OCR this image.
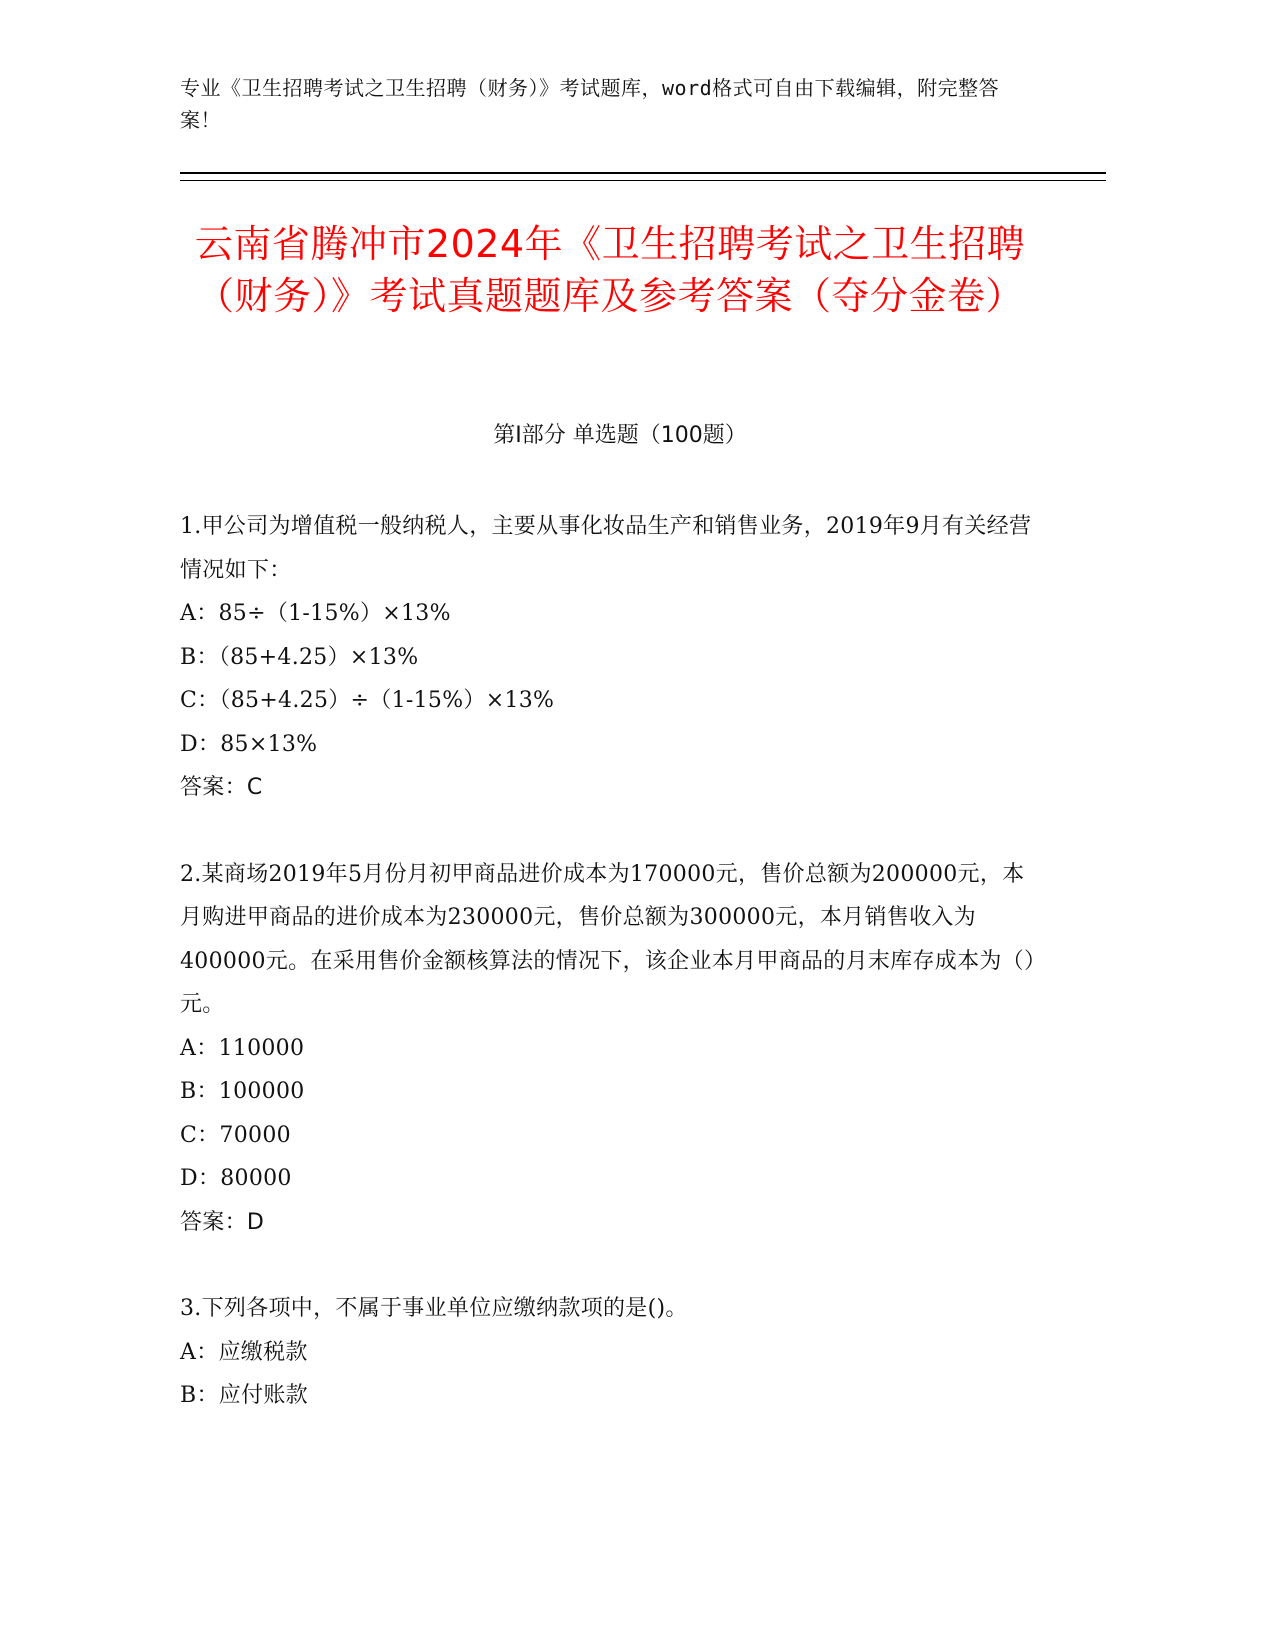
专业《卫生招聘考试之卫生招聘（财务）》考试题库，word格式可自由下载编辑，附完整答案！
云南省腾冲市2024年《卫生招聘考试之卫生招聘（财务）》考试真题题库及参考答案（夺分金卷）
第I部分 单选题（100题）

1.甲公司为增值税一般纳税人，主要从事化妆品生产和销售业务，2019年9月有关经营情况如下：

A：85÷（1-15%）×13%

B：（85+4.25）×13%

C：（85+4.25）÷（1-15%）×13%

D：85×13%

答案：C

2.某商场2019年5月份月初甲商品进价成本为170000元，售价总额为200000元，本月购进甲商品的进价成本为230000元，售价总额为300000元，本月销售收入为400000元。在采用售价金额核算法的情况下，该企业本月甲商品的月末库存成本为（）元。

A：110000

B：100000

C：70000

D：80000

答案：D

3.下列各项中，不属于事业单位应缴纳款项的是()。

A：应缴税款

B：应付账款
